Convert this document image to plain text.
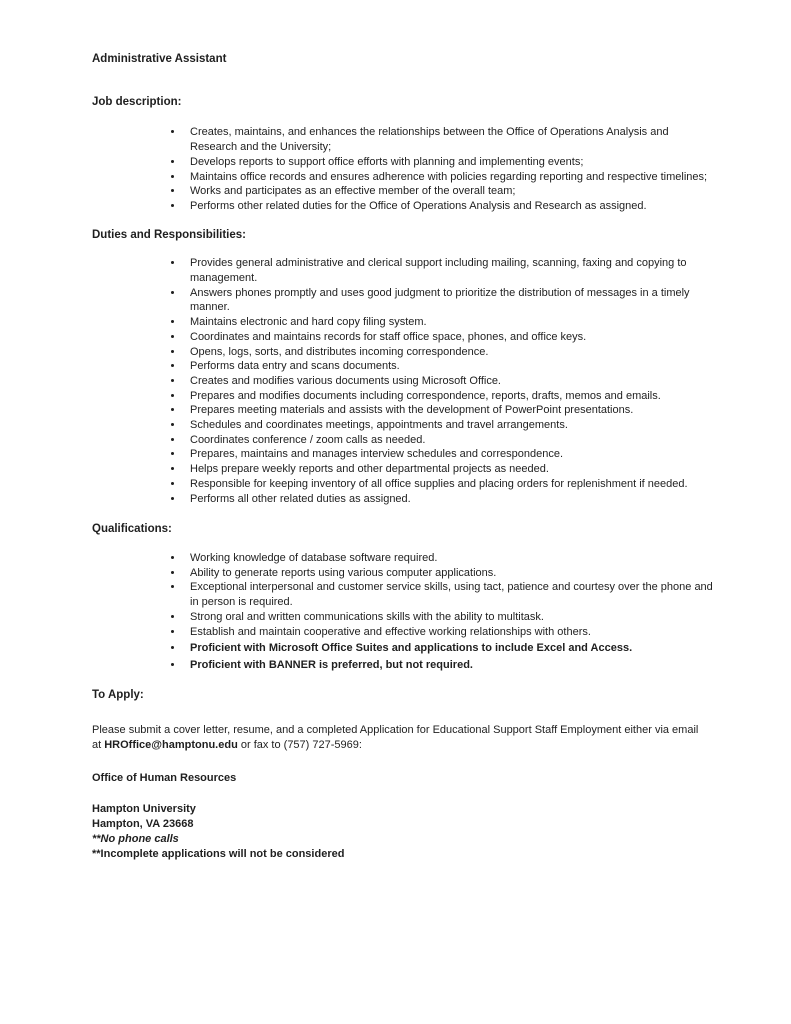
Administrative Assistant
Job description:
• Creates, maintains, and enhances the relationships between the Office of Operations Analysis and Research and the University;
• Develops reports to support office efforts with planning and implementing events;
• Maintains office records and ensures adherence with policies regarding reporting and respective timelines;
• Works and participates as an effective member of the overall team;
• Performs other related duties for the Office of Operations Analysis and Research as assigned.
Duties and Responsibilities:
• Provides general administrative and clerical support including mailing, scanning, faxing and copying to management.
• Answers phones promptly and uses good judgment to prioritize the distribution of messages in a timely manner.
• Maintains electronic and hard copy filing system.
• Coordinates and maintains records for staff office space, phones, and office keys.
• Opens, logs, sorts, and distributes incoming correspondence.
• Performs data entry and scans documents.
• Creates and modifies various documents using Microsoft Office.
• Prepares and modifies documents including correspondence, reports, drafts, memos and emails.
• Prepares meeting materials and assists with the development of PowerPoint presentations.
• Schedules and coordinates meetings, appointments and travel arrangements.
• Coordinates conference / zoom calls as needed.
• Prepares, maintains and manages interview schedules and correspondence.
• Helps prepare weekly reports and other departmental projects as needed.
• Responsible for keeping inventory of all office supplies and placing orders for replenishment if needed.
• Performs all other related duties as assigned.
Qualifications:
• Working knowledge of database software required.
• Ability to generate reports using various computer applications.
• Exceptional interpersonal and customer service skills, using tact, patience and courtesy over the phone and in person is required.
• Strong oral and written communications skills with the ability to multitask.
• Establish and maintain cooperative and effective working relationships with others.
• Proficient with Microsoft Office Suites and applications to include Excel and Access.
• Proficient with BANNER is preferred, but not required.
To Apply:

Please submit a cover letter, resume, and a completed Application for Educational Support Staff Employment either via email at HROffice@hamptonu.edu or fax to (757) 727-5969:

Office of Human Resources
Hampton University
Hampton, VA 23668
**No phone calls
**Incomplete applications will not be considered
